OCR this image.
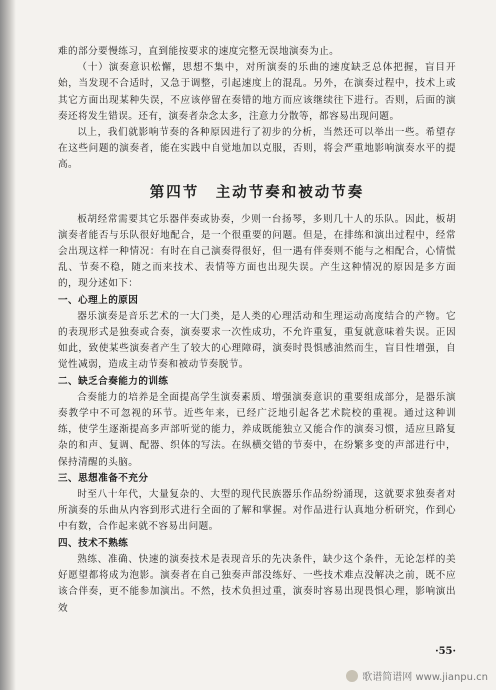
难的部分要慢练习，直到能按要求的速度完整无误地演奏为止。

（十）演奏意识松懈，思想不集中，对所演奏的乐曲的速度缺乏总体把握，盲目开始，当发现不合适时，又急于调整，引起速度上的混乱。另外，在演奏过程中，技术上或其它方面出现某种失误，不应该停留在奏错的地方而应该继续往下进行。否则，后面的演奏还将发生错误。还有，演奏者杂念太多，注意力分散等，都容易出现问题。

以上，我们就影响节奏的各种原因进行了初步的分析，当然还可以举出一些。希望存在这些问题的演奏者，能在实践中自觉地加以克服，否则，将会严重地影响演奏水平的提高。

第四节　主动节奏和被动节奏

板胡经常需要其它乐器伴奏或协奏，少则一台扬琴，多则几十人的乐队。因此，板胡演奏者能否与乐队很好地配合，是一个很重要的问题。但是，在排练和演出过程中，经常会出现这样一种情况：有时在自己演奏得很好，但一遇有伴奏则不能与之相配合，心情慌乱、节奏不稳，随之而来技术、表情等方面也出现失误。产生这种情况的原因是多方面的，现分述如下：

一、心理上的原因

器乐演奏是音乐艺术的一大门类，是人类的心理活动和生理运动高度结合的产物。它的表现形式是独奏或合奏，演奏要求一次性成功，不允许重复，重复就意味着失误。正因如此，致使某些演奏者产生了较大的心理障碍，演奏时畏惧感油然而生，盲目性增强，自觉性减弱，造成主动节奏和被动节奏脱节。

二、缺乏合奏能力的训练

合奏能力的培养是全面提高学生演奏素质、增强演奏意识的重要组成部分，是器乐演奏教学中不可忽视的环节。近些年来，已经广泛地引起各艺术院校的重视。通过这种训练，使学生逐渐提高多声部听觉的能力，养成既能独立又能合作的演奏习惯，适应旦路复杂的和声、复调、配器、织体的写法。在纵横交错的节奏中，在纷繁多变的声部进行中，保持清醒的头脑。

三、思想准备不充分

时至八十年代，大量复杂的、大型的现代民族器乐作品纷纷涌现，这就要求独奏者对所演奏的乐曲从内容到形式进行全面的了解和掌握。对作品进行认真地分析研究，作到心中有数，合作起来就不容易出问题。

四、技术不熟练

熟练、准确、快速的演奏技术是表现音乐的先决条件，缺少这个条件，无论怎样的美好愿望都将成为泡影。演奏者在自己独奏声部没练好、一些技术难点没解决之前，既不应该合伴奏，更不能参加演出。不然，技术负担过重，演奏时容易出现畏惧心理，影响演出效

·55·
歌谱简谱网 www.jianpu.cn
